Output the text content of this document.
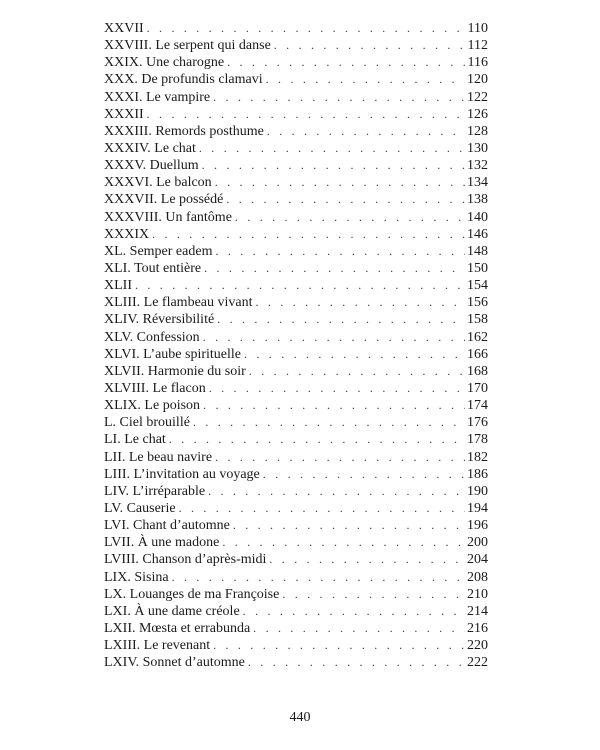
XXVII . . .	110
XXVIII. Le serpent qui danse . . .	112
XXIX. Une charogne . . .	116
XXX. De profundis clamavi . . .	120
XXXI. Le vampire . . .	122
XXXII . . .	126
XXXIII. Remords posthume . . .	128
XXXIV. Le chat . . .	130
XXXV. Duellum . . .	132
XXXVI. Le balcon . . .	134
XXXVII. Le possédé . . .	138
XXXVIII. Un fantôme . . .	140
XXXIX . . .	146
XL. Semper eadem . . .	148
XLI. Tout entière . . .	150
XLII . . .	154
XLIII. Le flambeau vivant . . .	156
XLIV. Réversibilité . . .	158
XLV. Confession . . .	162
XLVI. L’aube spirituelle . . .	166
XLVII. Harmonie du soir . . .	168
XLVIII. Le flacon . . .	170
XLIX. Le poison . . .	174
L. Ciel brouillé . . .	176
LI. Le chat . . .	178
LII. Le beau navire . . .	182
LIII. L’invitation au voyage . . .	186
LIV. L’irréparable . . .	190
LV. Causerie . . .	194
LVI. Chant d’automne . . .	196
LVII. À une madone . . .	200
LVIII. Chanson d’après-midi . . .	204
LIX. Sisina . . .	208
LX. Louanges de ma Françoise . . .	210
LXI. À une dame créole . . .	214
LXII. Mœsta et errabunda . . .	216
LXIII. Le revenant . . .	220
LXIV. Sonnet d’automne . . .	222
440
